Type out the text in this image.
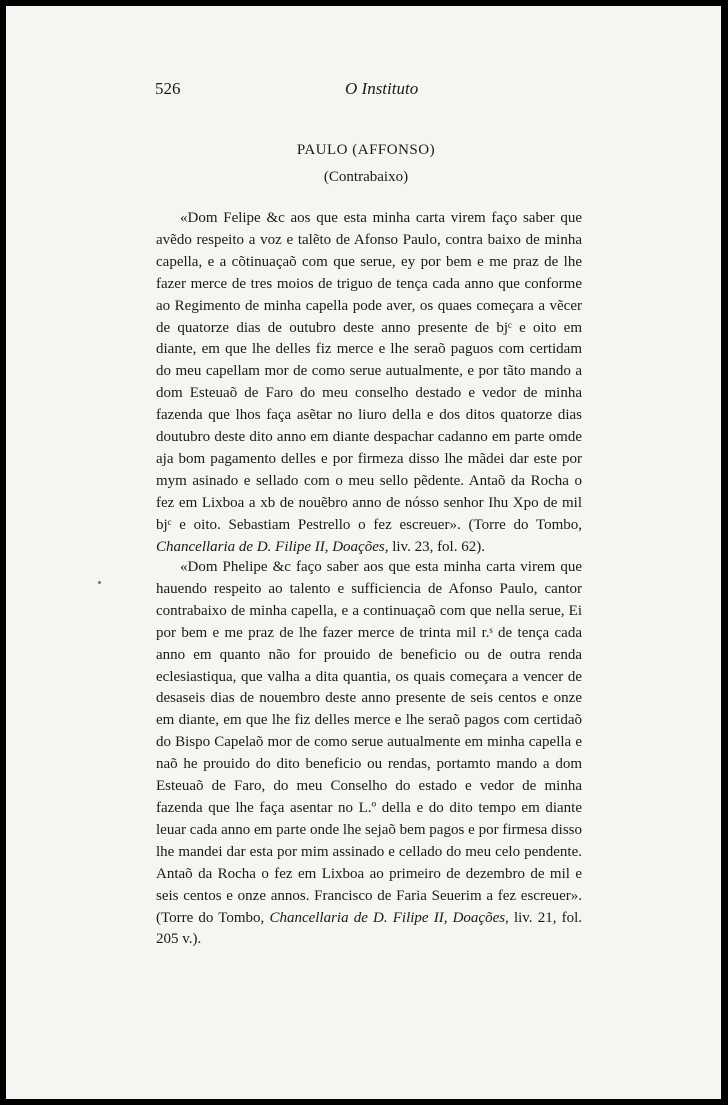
526	O Instituto
PAULO (AFFONSO)
(Contrabaixo)

«Dom Felipe &c aos que esta minha carta virem faço saber que avẽdo respeito a voz e talẽto de Afonso Paulo, contra baixo de minha capella, e a cõtinuaçaõ com que serue, ey por bem e me praz de lhe fazer merce de tres moios de triguo de tença cada anno que conforme ao Regimento de minha capella pode aver, os quaes começara a vẽcer de quatorze dias de outubro deste anno presente de bjᶜ e oito em diante, em que lhe delles fiz merce e lhe seraõ paguos com certidam do meu capellam mor de como serue autualmente, e por tãto mando a dom Esteuaõ de Faro do meu conselho destado e vedor de minha fazenda que lhos faça asẽtar no liuro della e dos ditos quatorze dias doutubro deste dito anno em diante despachar cadanno em parte omde aja bom pagamento delles e por firmeza disso lhe mãdei dar este por mym asinado e sellado com o meu sello pẽdente. Antaõ da Rocha o fez em Lixboa a xb de nouẽbro anno de nósso senhor Ihu Xpo de mil bjᶜ e oito. Sebastiam Pestrello o fez escreuer». (Torre do Tombo, Chancellaria de D. Filipe II, Doações, liv. 23, fol. 62).

«Dom Phelipe &c faço saber aos que esta minha carta virem que hauendo respeito ao talento e sufficiencia de Afonso Paulo, cantor contrabaixo de minha capella, e a continuaçaõ com que nella serue, Ei por bem e me praz de lhe fazer merce de trinta mil r.ˢ de tença cada anno em quanto não for prouido de beneficio ou de outra renda eclesiastiqua, que valha a dita quantia, os quais começara a vencer de desaseis dias de nouembro deste anno presente de seis centos e onze em diante, em que lhe fiz delles merce e lhe seraõ pagos com certidaõ do Bispo Capelaõ mor de como serue autualmente em minha capella e naõ he prouido do dito beneficio ou rendas, portamto mando a dom Esteuaõ de Faro, do meu Conselho do estado e vedor de minha fazenda que lhe faça asentar no L.º della e do dito tempo em diante leuar cada anno em parte onde lhe sejaõ bem pagos e por firmesa disso lhe mandei dar esta por mim assinado e cellado do meu celo pendente. Antaõ da Rocha o fez em Lixboa ao primeiro de dezembro de mil e seis centos e onze annos. Francisco de Faria Seuerim a fez escreuer». (Torre do Tombo, Chancellaria de D. Filipe II, Doações, liv. 21, fol. 205 v.).
